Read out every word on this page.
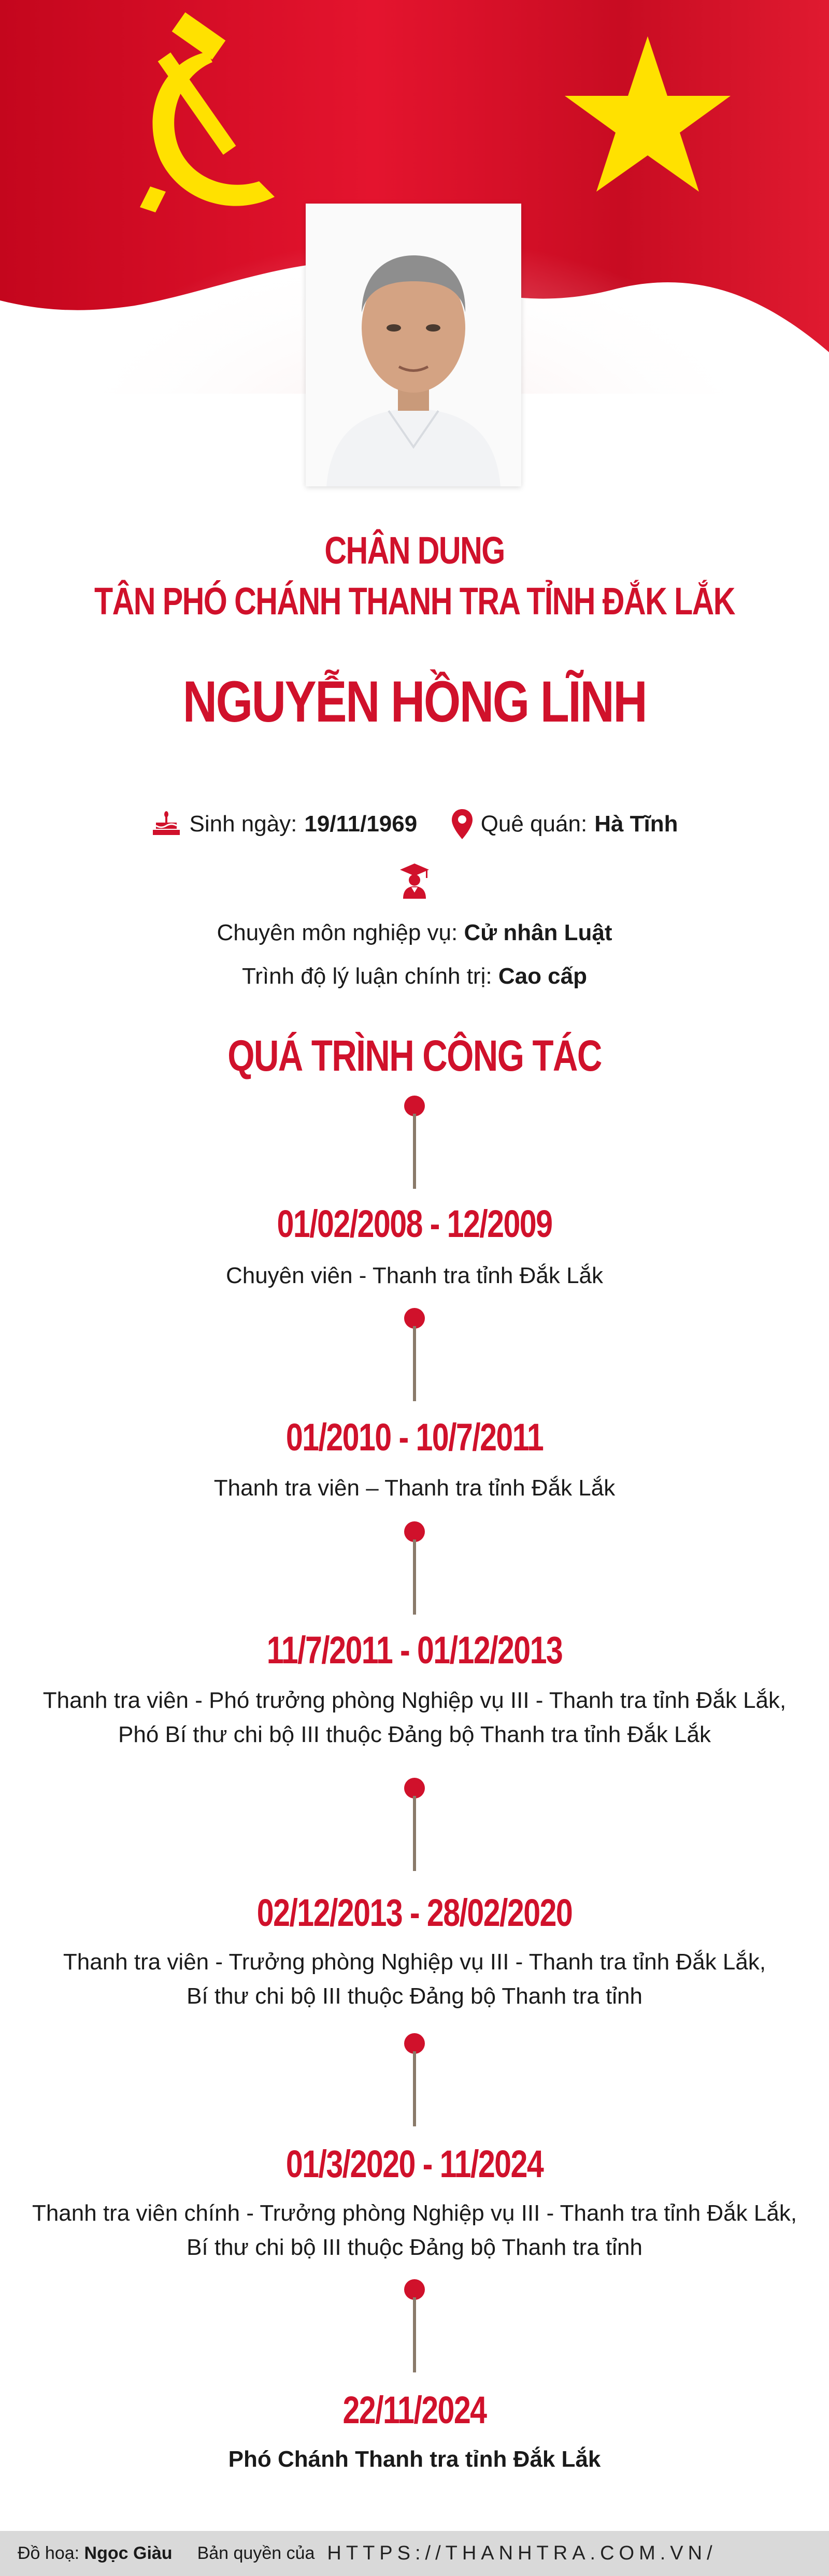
CHÂN DUNG
TÂN PHÓ CHÁNH THANH TRA TỈNH ĐẮK LẮK
NGUYỄN HỒNG LĨNH
Sinh ngày: 19/11/1969
	Quê quán: Hà Tĩnh
Chuyên môn nghiệp vụ: Cử nhân Luật
Trình độ lý luận chính trị: Cao cấp
QUÁ TRÌNH CÔNG TÁC
01/02/2008 - 12/2009
Chuyên viên - Thanh tra tỉnh Đắk Lắk
01/2010 - 10/7/2011
Thanh tra viên – Thanh tra tỉnh Đắk Lắk
11/7/2011 - 01/12/2013
Thanh tra viên - Phó trưởng phòng Nghiệp vụ III - Thanh tra tỉnh Đắk Lắk,
Phó Bí thư chi bộ III thuộc Đảng bộ Thanh tra tỉnh Đắk Lắk
02/12/2013 - 28/02/2020
Thanh tra viên - Trưởng phòng Nghiệp vụ III - Thanh tra tỉnh Đắk Lắk,
Bí thư chi bộ III thuộc Đảng bộ Thanh tra tỉnh
01/3/2020 - 11/2024
Thanh tra viên chính - Trưởng phòng Nghiệp vụ III - Thanh tra tỉnh Đắk Lắk,
Bí thư chi bộ III thuộc Đảng bộ Thanh tra tỉnh
22/11/2024
Phó Chánh Thanh tra tỉnh Đắk Lắk
Đồ hoạ: Ngọc Giàu Bản quyền của HTTPS://THANHTRA.COM.VN/
